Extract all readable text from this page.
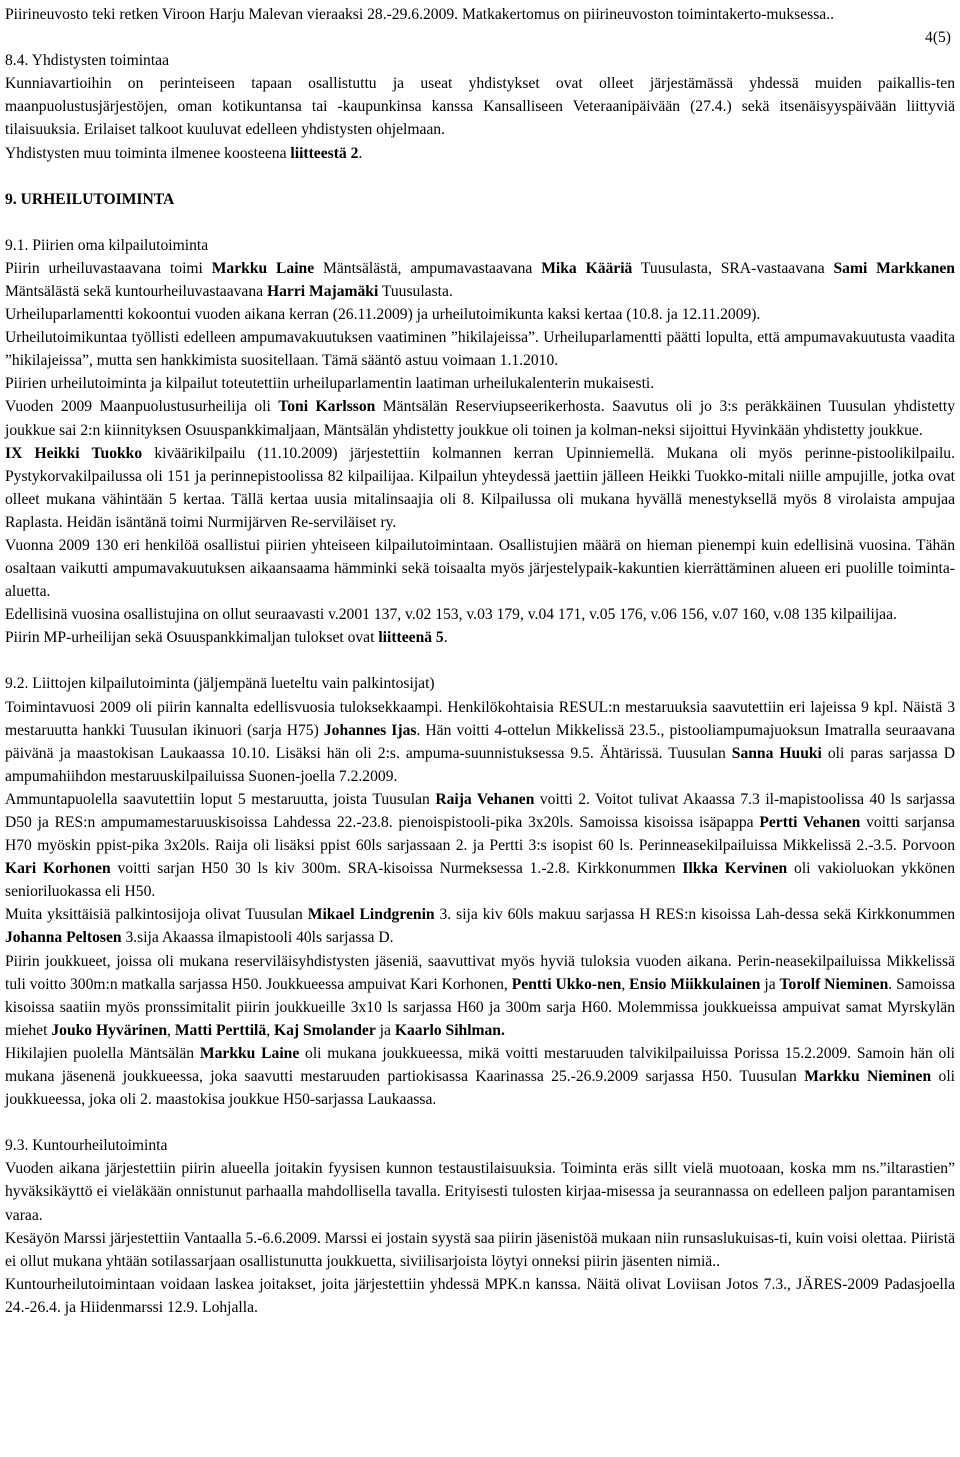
Piirineuvosto teki retken Viroon Harju Malevan vieraaksi 28.-29.6.2009. Matkakertomus on piirineuvoston toimintakerto-muksessa..

4(5)

8.4. Yhdistysten toimintaa

Kunniavartioihin on perinteiseen tapaan osallistuttu ja useat yhdistykset ovat olleet järjestämässä yhdessä muiden paikallis-ten maanpuolustusjärjestöjen, oman kotikuntansa tai -kaupunkinsa kanssa Kansalliseen Veteraanipäivään (27.4.) sekä itsenäisyyspäivään liittyviä tilaisuuksia. Erilaiset talkoot kuuluvat edelleen yhdistysten ohjelmaan.

Yhdistysten muu toiminta ilmenee koosteena liitteestä 2.

9. URHEILUTOIMINTA

9.1. Piirien oma kilpailutoiminta

Piirin urheiluvastaavana toimi Markku Laine Mäntsälästä, ampumavastaavana Mika Kääriä Tuusulasta, SRA-vastaavana Sami Markkanen Mäntsälästä sekä kuntourheiluvastaavana Harri Majamäki Tuusulasta.

Urheiluparlamentti kokoontui vuoden aikana kerran (26.11.2009) ja urheilutoimikunta kaksi kertaa (10.8. ja 12.11.2009).

Urheilutoimikuntaa työllisti edelleen ampumavakuutuksen vaatiminen ”hikilajeissa”. Urheiluparlamentti päätti lopulta, että ampumavakuutusta vaadita ”hikilajeissa”, mutta sen hankkimista suositellaan. Tämä sääntö astuu voimaan 1.1.2010.

Piirien urheilutoiminta ja kilpailut toteutettiin urheiluparlamentin laatiman urheilukalenterin mukaisesti.

Vuoden 2009 Maanpuolustusurheilija oli Toni Karlsson Mäntsälän Reserviupseerikerhosta. Saavutus oli jo 3:s peräkkäinen Tuusulan yhdistetty joukkue sai 2:n kiinnityksen Osuuspankkimaljaan, Mäntsälän yhdistetty joukkue oli toinen ja kolman-neksi sijoittui Hyvinkään yhdistetty joukkue.

IX Heikki Tuokko kiväärikilpailu (11.10.2009) järjestettiin kolmannen kerran Upinniemellä. Mukana oli myös perinne-pistoolikilpailu. Pystykorvakilpailussa oli 151 ja perinnepistoolissa 82 kilpailijaa. Kilpailun yhteydessä jaettiin jälleen Heikki Tuokko-mitali niille ampujille, jotka ovat olleet mukana vähintään 5 kertaa. Tällä kertaa uusia mitalinsaajia oli 8. Kilpailussa oli mukana hyvällä menestyksellä myös 8 virolaista ampujaa Raplasta. Heidän isäntänä toimi Nurmijärven Re-serviläiset ry.

Vuonna 2009 130 eri henkilöä osallistui piirien yhteiseen kilpailutoimintaan. Osallistujien määrä on hieman pienempi kuin edellisinä vuosina. Tähän osaltaan vaikutti ampumavakuutuksen aikaansaama hämminki sekä toisaalta myös järjestelypaik-kakuntien kierrättäminen alueen eri puolille toiminta-aluetta.

Edellisinä vuosina osallistujina on ollut seuraavasti v.2001 137, v.02 153, v.03 179, v.04 171, v.05 176, v.06 156, v.07 160, v.08 135 kilpailijaa.

Piirin MP-urheilijan sekä Osuuspankkimaljan tulokset ovat liitteenä 5.

9.2. Liittojen kilpailutoiminta (jäljempänä lueteltu vain palkintosijat)

Toimintavuosi 2009 oli piirin kannalta edellisvuosia tuloksekkaampi. Henkilökohtaisia RESUL:n mestaruuksia saavutettiin eri lajeissa 9 kpl. Näistä 3 mestaruutta hankki Tuusulan ikinuori (sarja H75) Johannes Ijas. Hän voitti 4-ottelun Mikkelissä 23.5., pistooliampumajuoksun Imatralla seuraavana päivänä ja maastokisan Laukaassa 10.10. Lisäksi hän oli 2:s. ampuma-suunnistuksessa 9.5. Ähtärissä. Tuusulan Sanna Huuki oli paras sarjassa D ampumahiihdon mestaruuskilpailuissa Suonen-joella 7.2.2009.

Ammuntapuolella saavutettiin loput 5 mestaruutta, joista Tuusulan Raija Vehanen voitti 2. Voitot tulivat Akaassa 7.3 il-mapistoolissa 40 ls sarjassa D50 ja RES:n ampumamestaruuskisoissa Lahdessa 22.-23.8. pienoispistooli-pika 3x20ls. Samoissa kisoissa isäpappa Pertti Vehanen voitti sarjansa H70 myöskin ppist-pika 3x20ls. Raija oli lisäksi ppist 60ls sarjassaan 2. ja Pertti 3:s isopist 60 ls. Perinneasekilpailuissa Mikkelissä 2.-3.5. Porvoon Kari Korhonen voitti sarjan H50 30 ls kiv 300m. SRA-kisoissa Nurmeksessa 1.-2.8. Kirkkonummen Ilkka Kervinen oli vakioluokan ykkönen senioriluokassa eli H50.

Muita yksittäisiä palkintosijoja olivat Tuusulan Mikael Lindgrenin 3. sija kiv 60ls makuu sarjassa H RES:n kisoissa Lah-dessa sekä Kirkkonummen Johanna Peltosen 3.sija Akaassa ilmapistooli 40ls sarjassa D.

Piirin joukkueet, joissa oli mukana reserviläisyhdistysten jäseniä, saavuttivat myös hyviä tuloksia vuoden aikana. Perin-neasekilpailuissa Mikkelissä tuli voitto 300m:n matkalla sarjassa H50. Joukkueessa ampuivat Kari Korhonen, Pentti Ukko-nen, Ensio Miikkulainen ja Torolf Nieminen. Samoissa kisoissa saatiin myös pronssimitalit piirin joukkueille 3x10 ls sarjassa H60 ja 300m sarja H60. Molemmissa joukkueissa ampuivat samat Myrskylän miehet Jouko Hyvärinen, Matti Perttilä, Kaj Smolander ja Kaarlo Sihlman.

Hikilajien puolella Mäntsälän Markku Laine oli mukana joukkueessa, mikä voitti mestaruuden talvikilpailuissa Porissa 15.2.2009. Samoin hän oli mukana jäsenenä joukkueessa, joka saavutti mestaruuden partiokisassa Kaarinassa 25.-26.9.2009 sarjassa H50. Tuusulan Markku Nieminen oli joukkueessa, joka oli 2. maastokisa joukkue H50-sarjassa Laukaassa.

9.3. Kuntourheilutoiminta

Vuoden aikana järjestettiin piirin alueella joitakin fyysisen kunnon testaustilaisuuksia. Toiminta eräs sillt vielä muotoaan, koska mm ns.”iltarastien” hyväksikäyttö ei vieläkään onnistunut parhaalla mahdollisella tavalla. Erityisesti tulosten kirjaa-misessa ja seurannassa on edelleen paljon parantamisen varaa.

Kesäyön Marssi järjestettiin Vantaalla 5.-6.6.2009. Marssi ei jostain syystä saa piirin jäsenistöä mukaan niin runsaslukuisas-ti, kuin voisi olettaa. Piiristä ei ollut mukana yhtään sotilassarjaan osallistunutta joukkuetta, siviilisarjoista löytyi onneksi piirin jäsenten nimiä..

Kuntourheilutoimintaan voidaan laskea joitakset, joita järjestettiin yhdessä MPK.n kanssa. Näitä olivat Loviisan Jotos 7.3., JÄRES-2009 Padasjoella 24.-26.4. ja Hiidenmarssi 12.9. Lohjalla.
